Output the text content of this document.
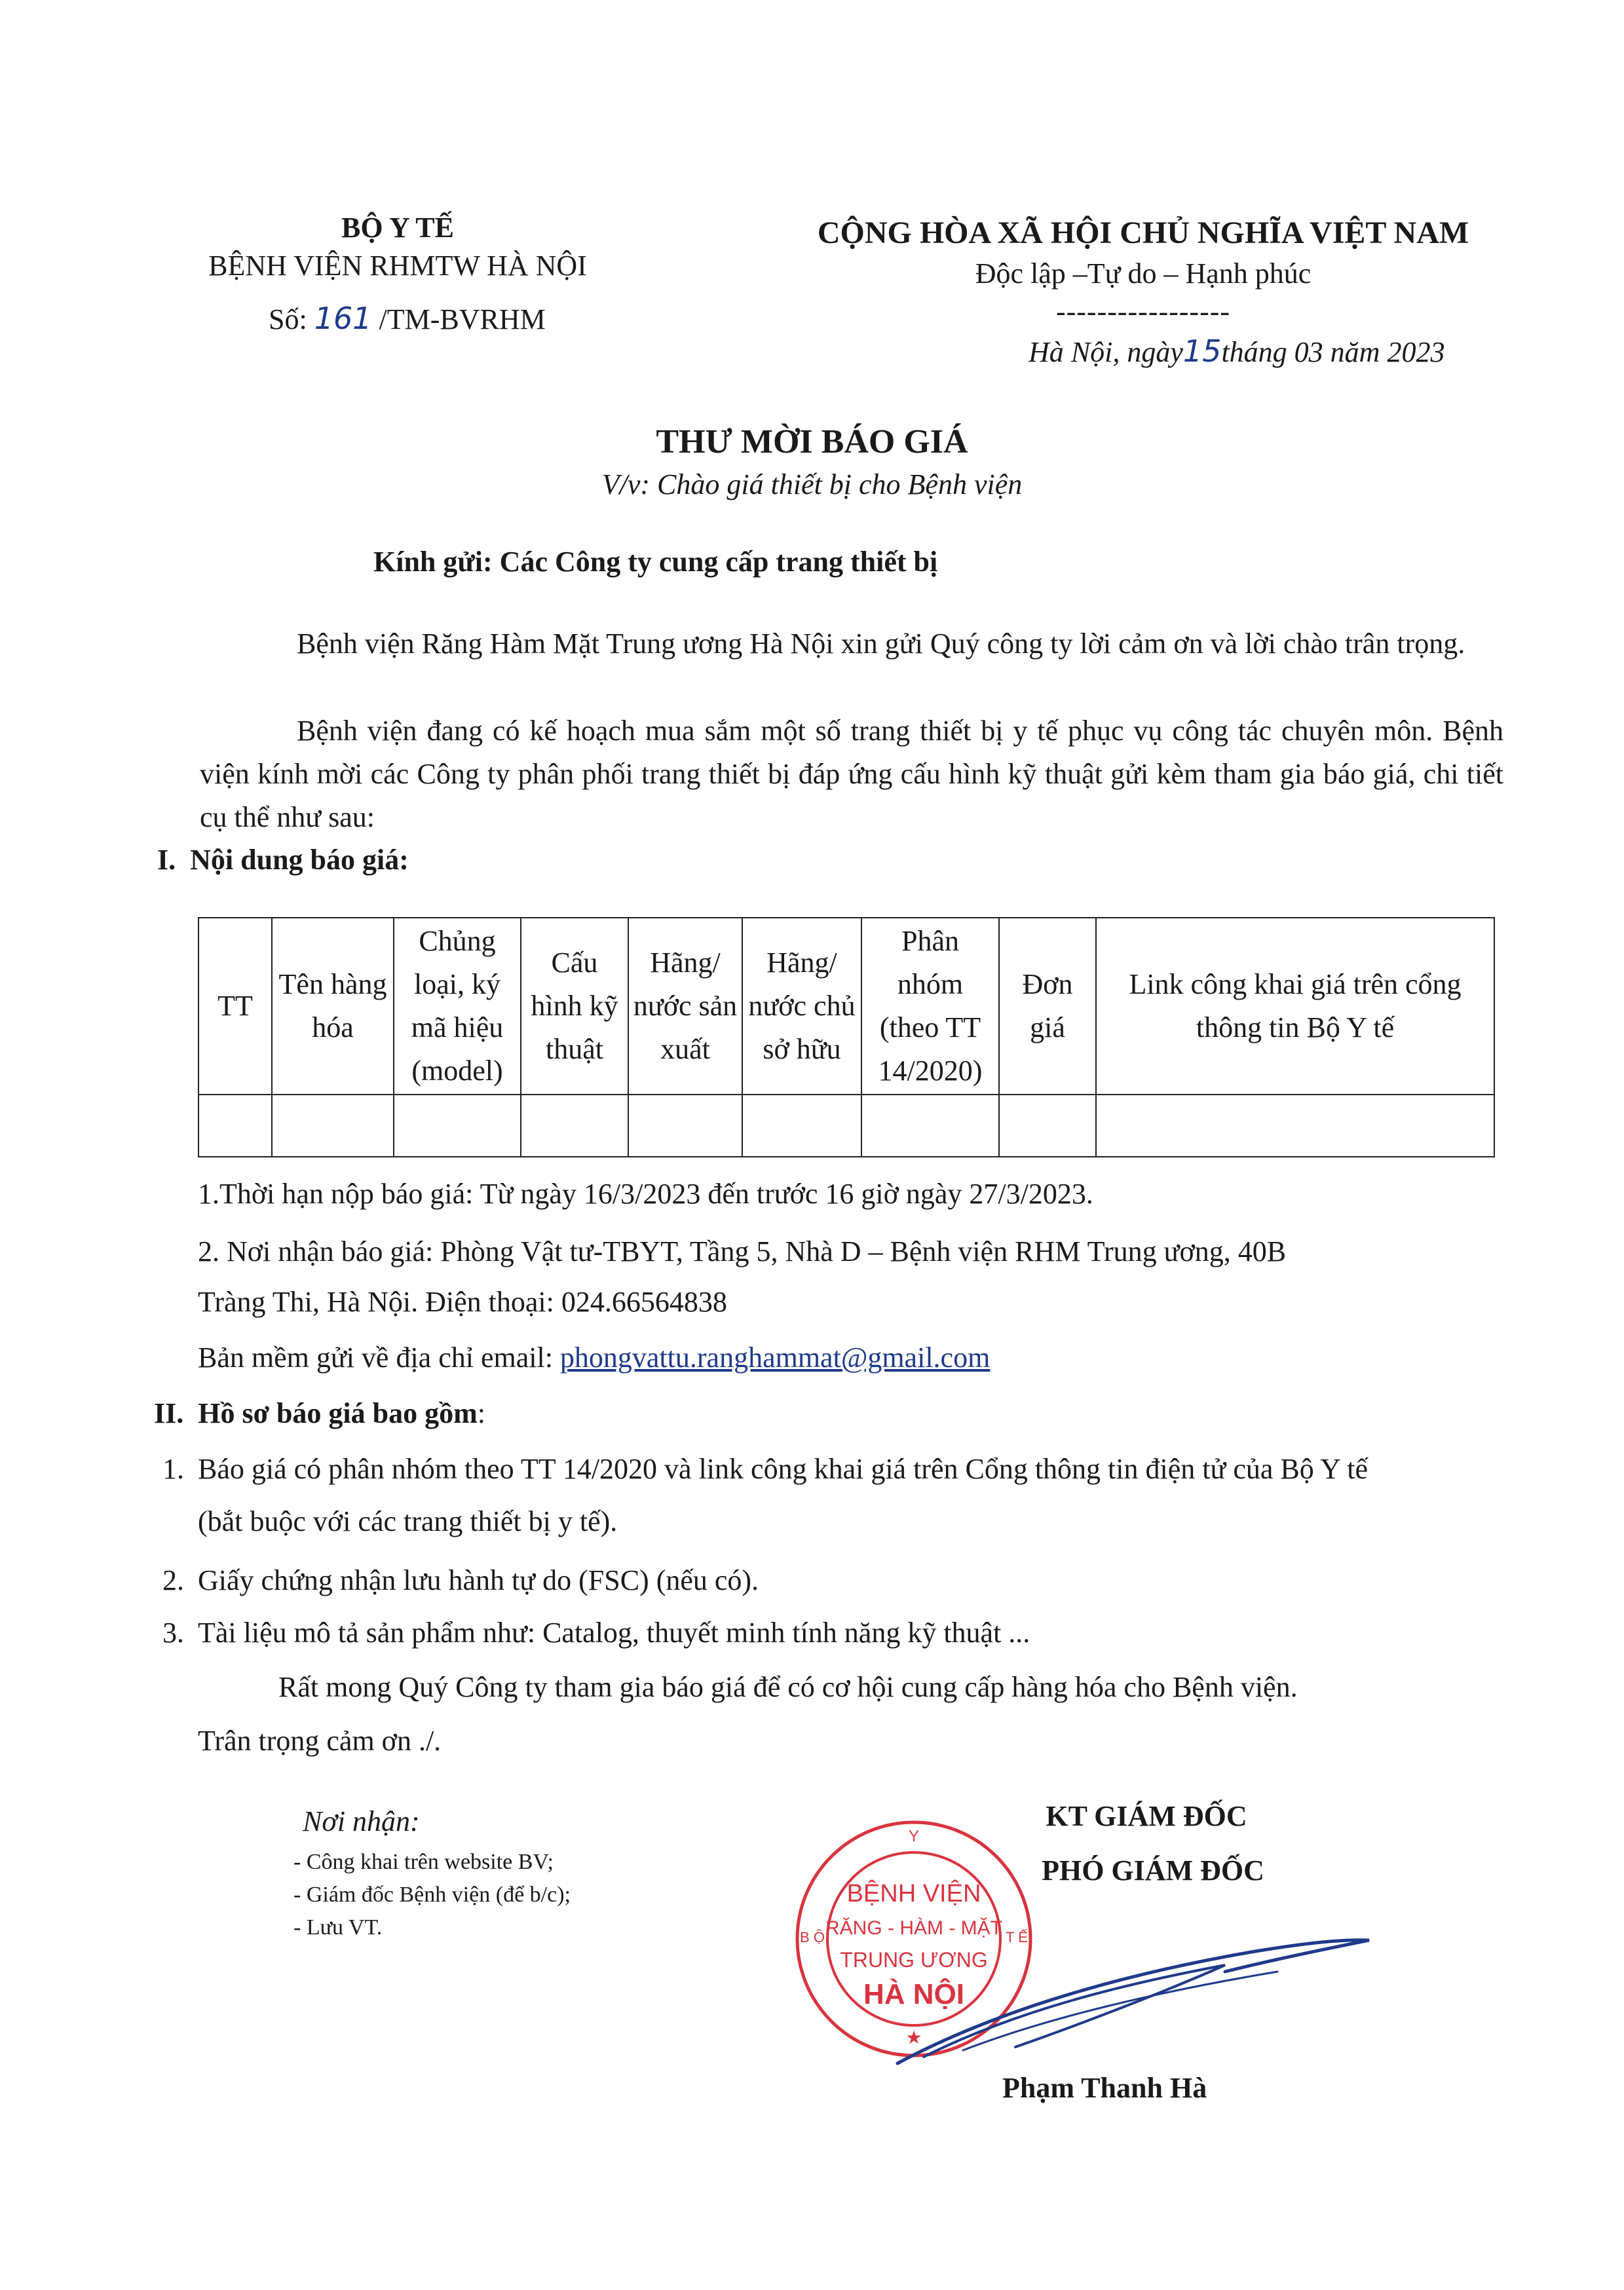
BỘ Y TẾ
BỆNH VIỆN RHMTW HÀ NỘI
Số: 161 /TM-BVRHM
CỘNG HÒA XÃ HỘI CHỦ NGHĨA VIỆT NAM
Độc lập –Tự do – Hạnh phúc
-----------------
Hà Nội, ngày15tháng 03 năm 2023
THƯ MỜI BÁO GIÁ
V/v: Chào giá thiết bị cho Bệnh viện
Kính gửi: Các Công ty cung cấp trang thiết bị
Bệnh viện Răng Hàm Mặt Trung ương Hà Nội xin gửi Quý công ty lời cảm ơn và lời chào trân trọng.
Bệnh viện đang có kế hoạch mua sắm một số trang thiết bị y tế phục vụ công tác chuyên môn. Bệnh viện kính mời các Công ty phân phối trang thiết bị đáp ứng cấu hình kỹ thuật gửi kèm tham gia báo giá, chi tiết cụ thể như sau:
I.  Nội dung báo giá:
TT	Tên hàng hóa	Chủng loại, ký mã hiệu (model)	Cấu hình kỹ thuật	Hãng/ nước sản xuất	Hãng/ nước chủ sở hữu	Phân nhóm (theo TT 14/2020)	Đơn giá	Link công khai giá trên cổng thông tin Bộ Y tế

1.Thời hạn nộp báo giá: Từ ngày 16/3/2023 đến trước 16 giờ ngày 27/3/2023.
2. Nơi nhận báo giá: Phòng Vật tư-TBYT, Tầng 5, Nhà D – Bệnh viện RHM Trung ương, 40B
Tràng Thi, Hà Nội. Điện thoại: 024.66564838
Bản mềm gửi về địa chỉ email: phongvattu.ranghammat@gmail.com
II.  Hồ sơ báo giá bao gồm:
1. Báo giá có phân nhóm theo TT 14/2020 và link công khai giá trên Cổng thông tin điện tử của Bộ Y tế
(bắt buộc với các trang thiết bị y tế).
2. Giấy chứng nhận lưu hành tự do (FSC) (nếu có).
3. Tài liệu mô tả sản phẩm như: Catalog, thuyết minh tính năng kỹ thuật ...
Rất mong Quý Công ty tham gia báo giá để có cơ hội cung cấp hàng hóa cho Bệnh viện.
Trân trọng cảm ơn ./.
Nơi nhận:
- Công khai trên website BV;
- Giám đốc Bệnh viện (để b/c);
- Lưu VT.
KT GIÁM ĐỐC
PHÓ GIÁM ĐỐC
Phạm Thanh Hà
Y
B Ộ	T Ế
BỆNH VIỆN
RĂNG - HÀM - MẶT
TRUNG ƯƠNG
HÀ NỘI
★
